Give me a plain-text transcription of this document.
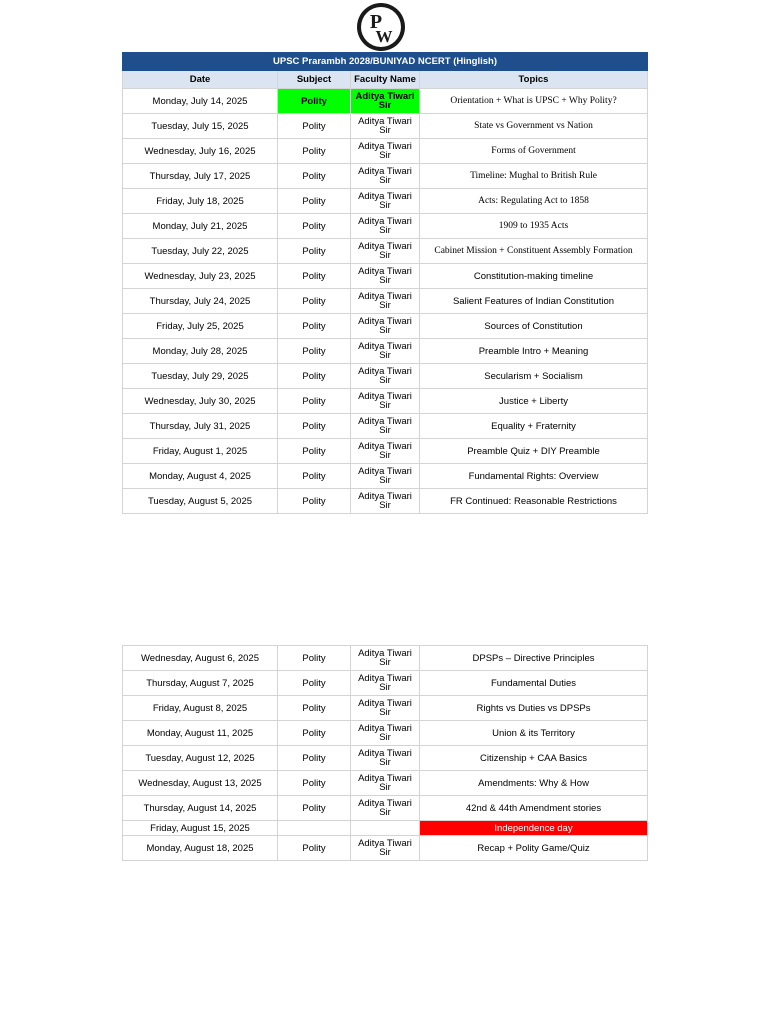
P
W
UPSC Prarambh 2028/BUNIYAD NCERT (Hinglish)			
Date	Subject	Faculty Name	Topics
Monday, July 14, 2025	Polity	Aditya Tiwari
Sir	Orientation + What is UPSC + Why Polity?
Tuesday, July 15, 2025	Polity	Aditya Tiwari
Sir	State vs Government vs Nation
Wednesday, July 16, 2025	Polity	Aditya Tiwari
Sir	Forms of Government
Thursday, July 17, 2025	Polity	Aditya Tiwari
Sir	Timeline: Mughal to British Rule
Friday, July 18, 2025	Polity	Aditya Tiwari
Sir	Acts: Regulating Act to 1858
Monday, July 21, 2025	Polity	Aditya Tiwari
Sir	1909 to 1935 Acts
Tuesday, July 22, 2025	Polity	Aditya Tiwari
Sir	Cabinet Mission + Constituent Assembly Formation
Wednesday, July 23, 2025	Polity	Aditya Tiwari
Sir	Constitution-making timeline
Thursday, July 24, 2025	Polity	Aditya Tiwari
Sir	Salient Features of Indian Constitution
Friday, July 25, 2025	Polity	Aditya Tiwari
Sir	Sources of Constitution
Monday, July 28, 2025	Polity	Aditya Tiwari
Sir	Preamble Intro + Meaning
Tuesday, July 29, 2025	Polity	Aditya Tiwari
Sir	Secularism + Socialism
Wednesday, July 30, 2025	Polity	Aditya Tiwari
Sir	Justice + Liberty
Thursday, July 31, 2025	Polity	Aditya Tiwari
Sir	Equality + Fraternity
Friday, August 1, 2025	Polity	Aditya Tiwari
Sir	Preamble Quiz + DIY Preamble
Monday, August 4, 2025	Polity	Aditya Tiwari
Sir	Fundamental Rights: Overview
Tuesday, August 5, 2025	Polity	Aditya Tiwari
Sir	FR Continued: Reasonable Restrictions
Wednesday, August 6, 2025	Polity	Aditya Tiwari
Sir	DPSPs – Directive Principles
Thursday, August 7, 2025	Polity	Aditya Tiwari
Sir	Fundamental Duties
Friday, August 8, 2025	Polity	Aditya Tiwari
Sir	Rights vs Duties vs DPSPs
Monday, August 11, 2025	Polity	Aditya Tiwari
Sir	Union & its Territory
Tuesday, August 12, 2025	Polity	Aditya Tiwari
Sir	Citizenship + CAA Basics
Wednesday, August 13, 2025	Polity	Aditya Tiwari
Sir	Amendments: Why & How
Thursday, August 14, 2025	Polity	Aditya Tiwari
Sir	42nd & 44th Amendment stories
Friday, August 15, 2025			Independence day
Monday, August 18, 2025	Polity	Aditya Tiwari
Sir	Recap + Polity Game/Quiz
